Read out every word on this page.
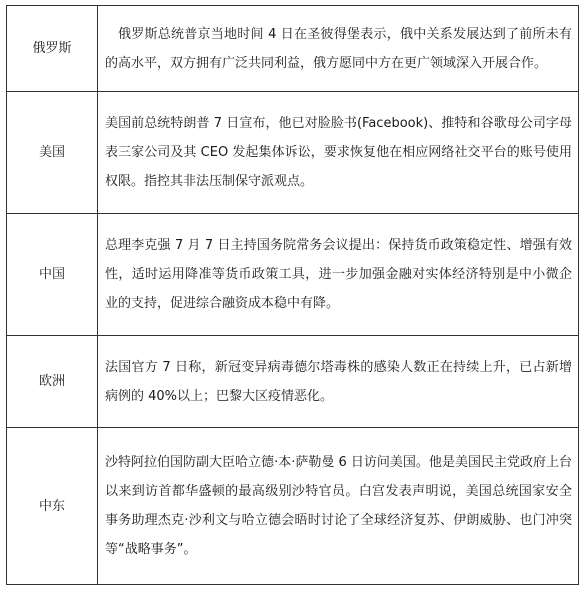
俄罗斯	俄罗斯总统普京当地时间 4 日在圣彼得堡表示，俄中关系发展达到了前所未有的高水平，双方拥有广泛共同利益，俄方愿同中方在更广领域深入开展合作。
美国	美国前总统特朗普 7 日宣布，他已对脸脸书(Facebook)、推特和谷歌母公司字母表三家公司及其 CEO 发起集体诉讼，要求恢复他在相应网络社交平台的账号使用权限。指控其非法压制保守派观点。
中国	总理李克强 7 月 7 日主持国务院常务会议提出：保持货币政策稳定性、增强有效性，适时运用降准等货币政策工具，进一步加强金融对实体经济特别是中小微企业的支持，促进综合融资成本稳中有降。
欧洲	法国官方 7 日称，新冠变异病毒德尔塔毒株的感染人数正在持续上升，已占新增病例的 40%以上；巴黎大区疫情恶化。
中东	沙特阿拉伯国防副大臣哈立德·本·萨勒曼 6 日访问美国。他是美国民主党政府上台以来到访首都华盛顿的最高级别沙特官员。白宫发表声明说，美国总统国家安全事务助理杰克·沙利文与哈立德会晤时讨论了全球经济复苏、伊朗威胁、也门冲突等“战略事务”。
